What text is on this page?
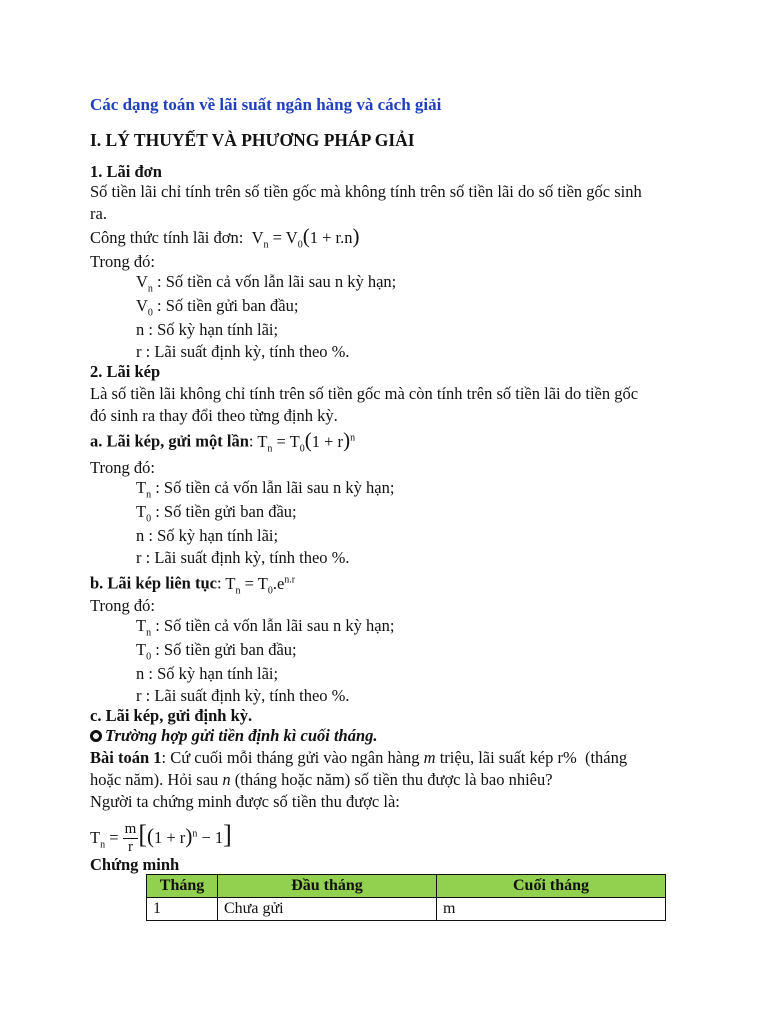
Các dạng toán về lãi suất ngân hàng và cách giải
I. LÝ THUYẾT VÀ PHƯƠNG PHÁP GIẢI
1. Lãi đơn
Số tiền lãi chỉ tính trên số tiền gốc mà không tính trên số tiền lãi do số tiền gốc sinh
ra.
Công thức tính lãi đơn:  $V_n = V_0(1 + r.n)$
Trong đó:
$V_n$ : Số tiền cả vốn lẫn lãi sau n kỳ hạn;
$V_0$ : Số tiền gửi ban đầu;
n : Số kỳ hạn tính lãi;
r : Lãi suất định kỳ, tính theo %.
2. Lãi kép
Là số tiền lãi không chỉ tính trên số tiền gốc mà còn tính trên số tiền lãi do tiền gốc
đó sinh ra thay đổi theo từng định kỳ.
a. Lãi kép, gửi một lần: $T_n = T_0(1 + r)^n$
Trong đó:
$T_n$ : Số tiền cả vốn lẫn lãi sau n kỳ hạn;
$T_0$ : Số tiền gửi ban đầu;
n : Số kỳ hạn tính lãi;
r : Lãi suất định kỳ, tính theo %.
b. Lãi kép liên tục: $T_n = T_0.e^{n.r}$
Trong đó:
$T_n$ : Số tiền cả vốn lẫn lãi sau n kỳ hạn;
$T_0$ : Số tiền gửi ban đầu;
n : Số kỳ hạn tính lãi;
r : Lãi suất định kỳ, tính theo %.
c. Lãi kép, gửi định kỳ.
Trường hợp gửi tiền định kì cuối tháng.
Bài toán 1: Cứ cuối mỗi tháng gửi vào ngân hàng m triệu, lãi suất kép r% (tháng
hoặc năm). Hỏi sau n (tháng hoặc năm) số tiền thu được là bao nhiêu?
Người ta chứng minh được số tiền thu được là:
$T_n = \frac{m}{r} [(1 + r)^n - 1]$
Chứng minh
Tháng	Đầu tháng	Cuối tháng
1	Chưa gửi	m
